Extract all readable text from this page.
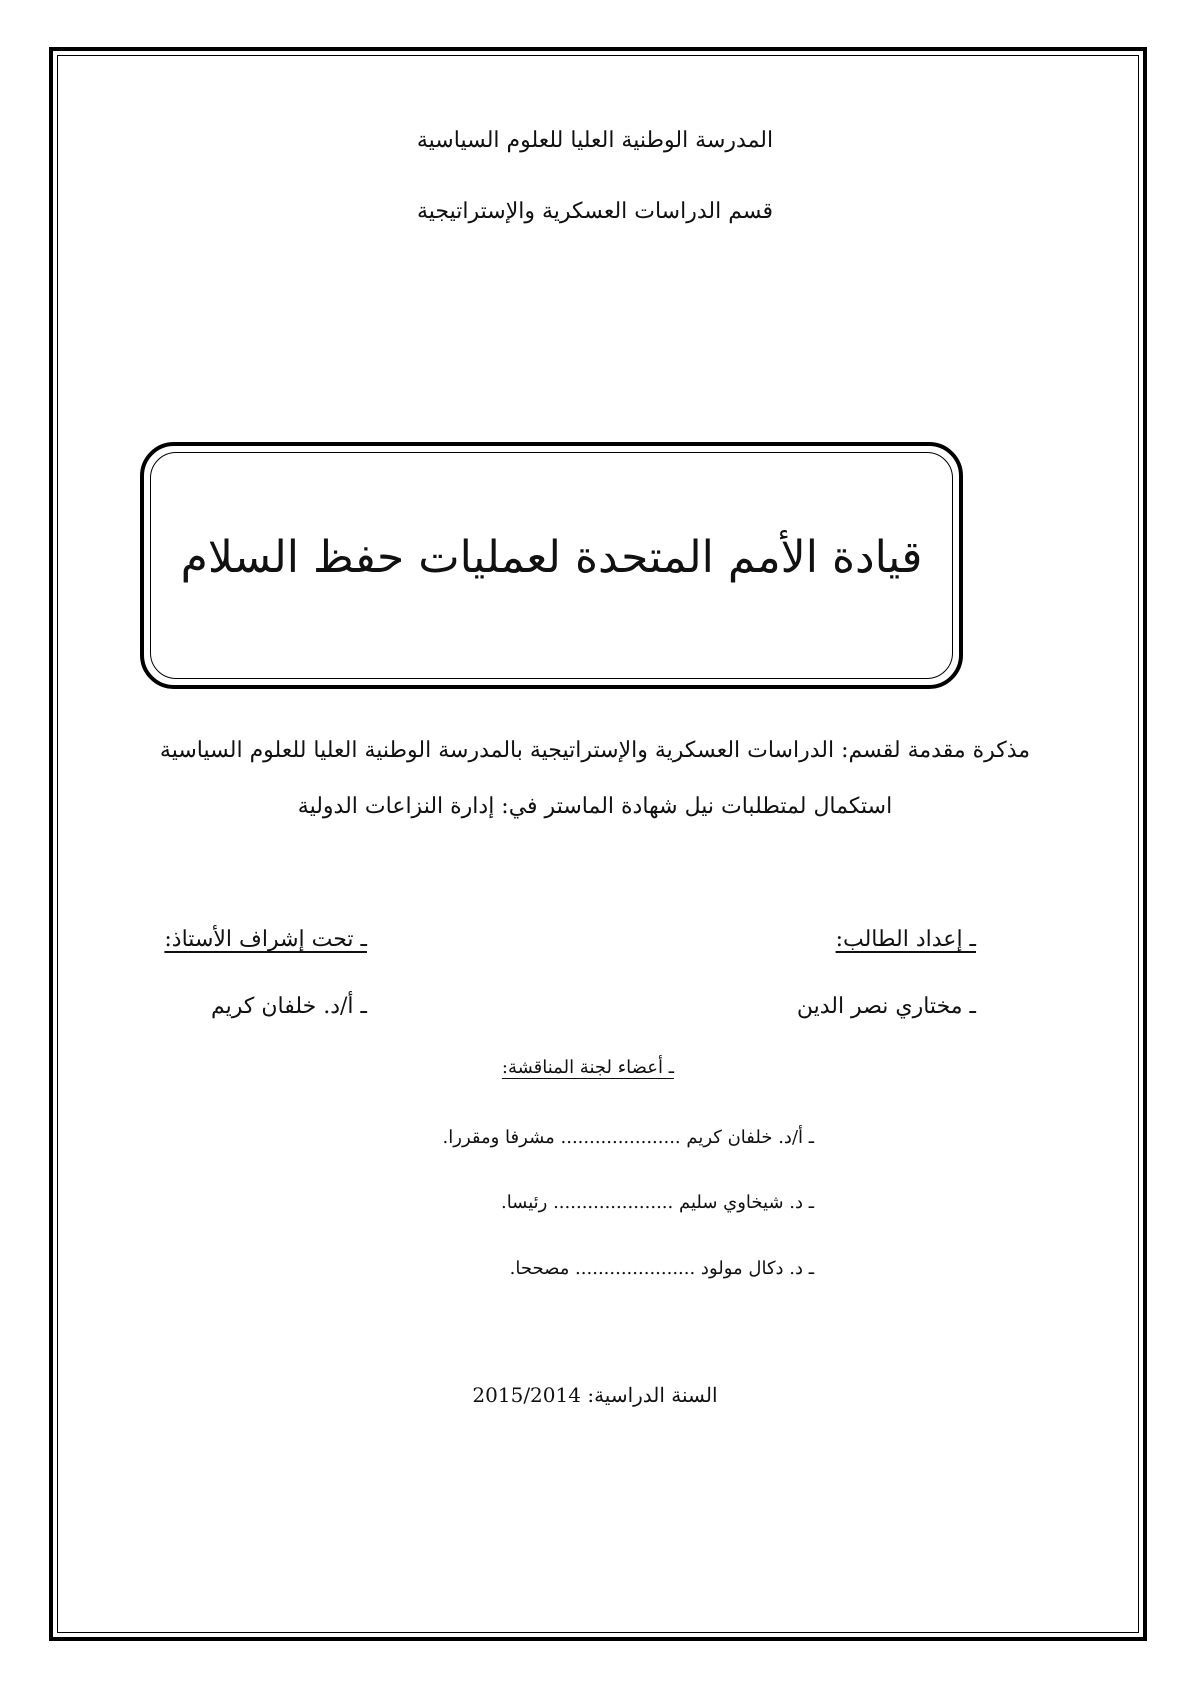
المدرسة الوطنية العليا للعلوم السياسية
قسم الدراسات العسكرية والإستراتيجية
قيادة الأمم المتحدة لعمليات حفظ السلام
مذكرة مقدمة لقسم: الدراسات العسكرية والإستراتيجية بالمدرسة الوطنية العليا للعلوم السياسية
استكمال لمتطلبات نيل شهادة الماستر في: إدارة النزاعات الدولية
ـ إعداد الطالب:
ـ تحت إشراف الأستاذ:
ـ مختاري نصر الدين
ـ أ/د. خلفان كريم
ـ أعضاء لجنة المناقشة:
ـ أ/د. خلفان كريم ..................... مشرفا ومقررا.
ـ د. شيخاوي سليم ..................... رئيسا.
ـ د. دكال مولود ..................... مصححا.
السنة الدراسية: 2015/2014
